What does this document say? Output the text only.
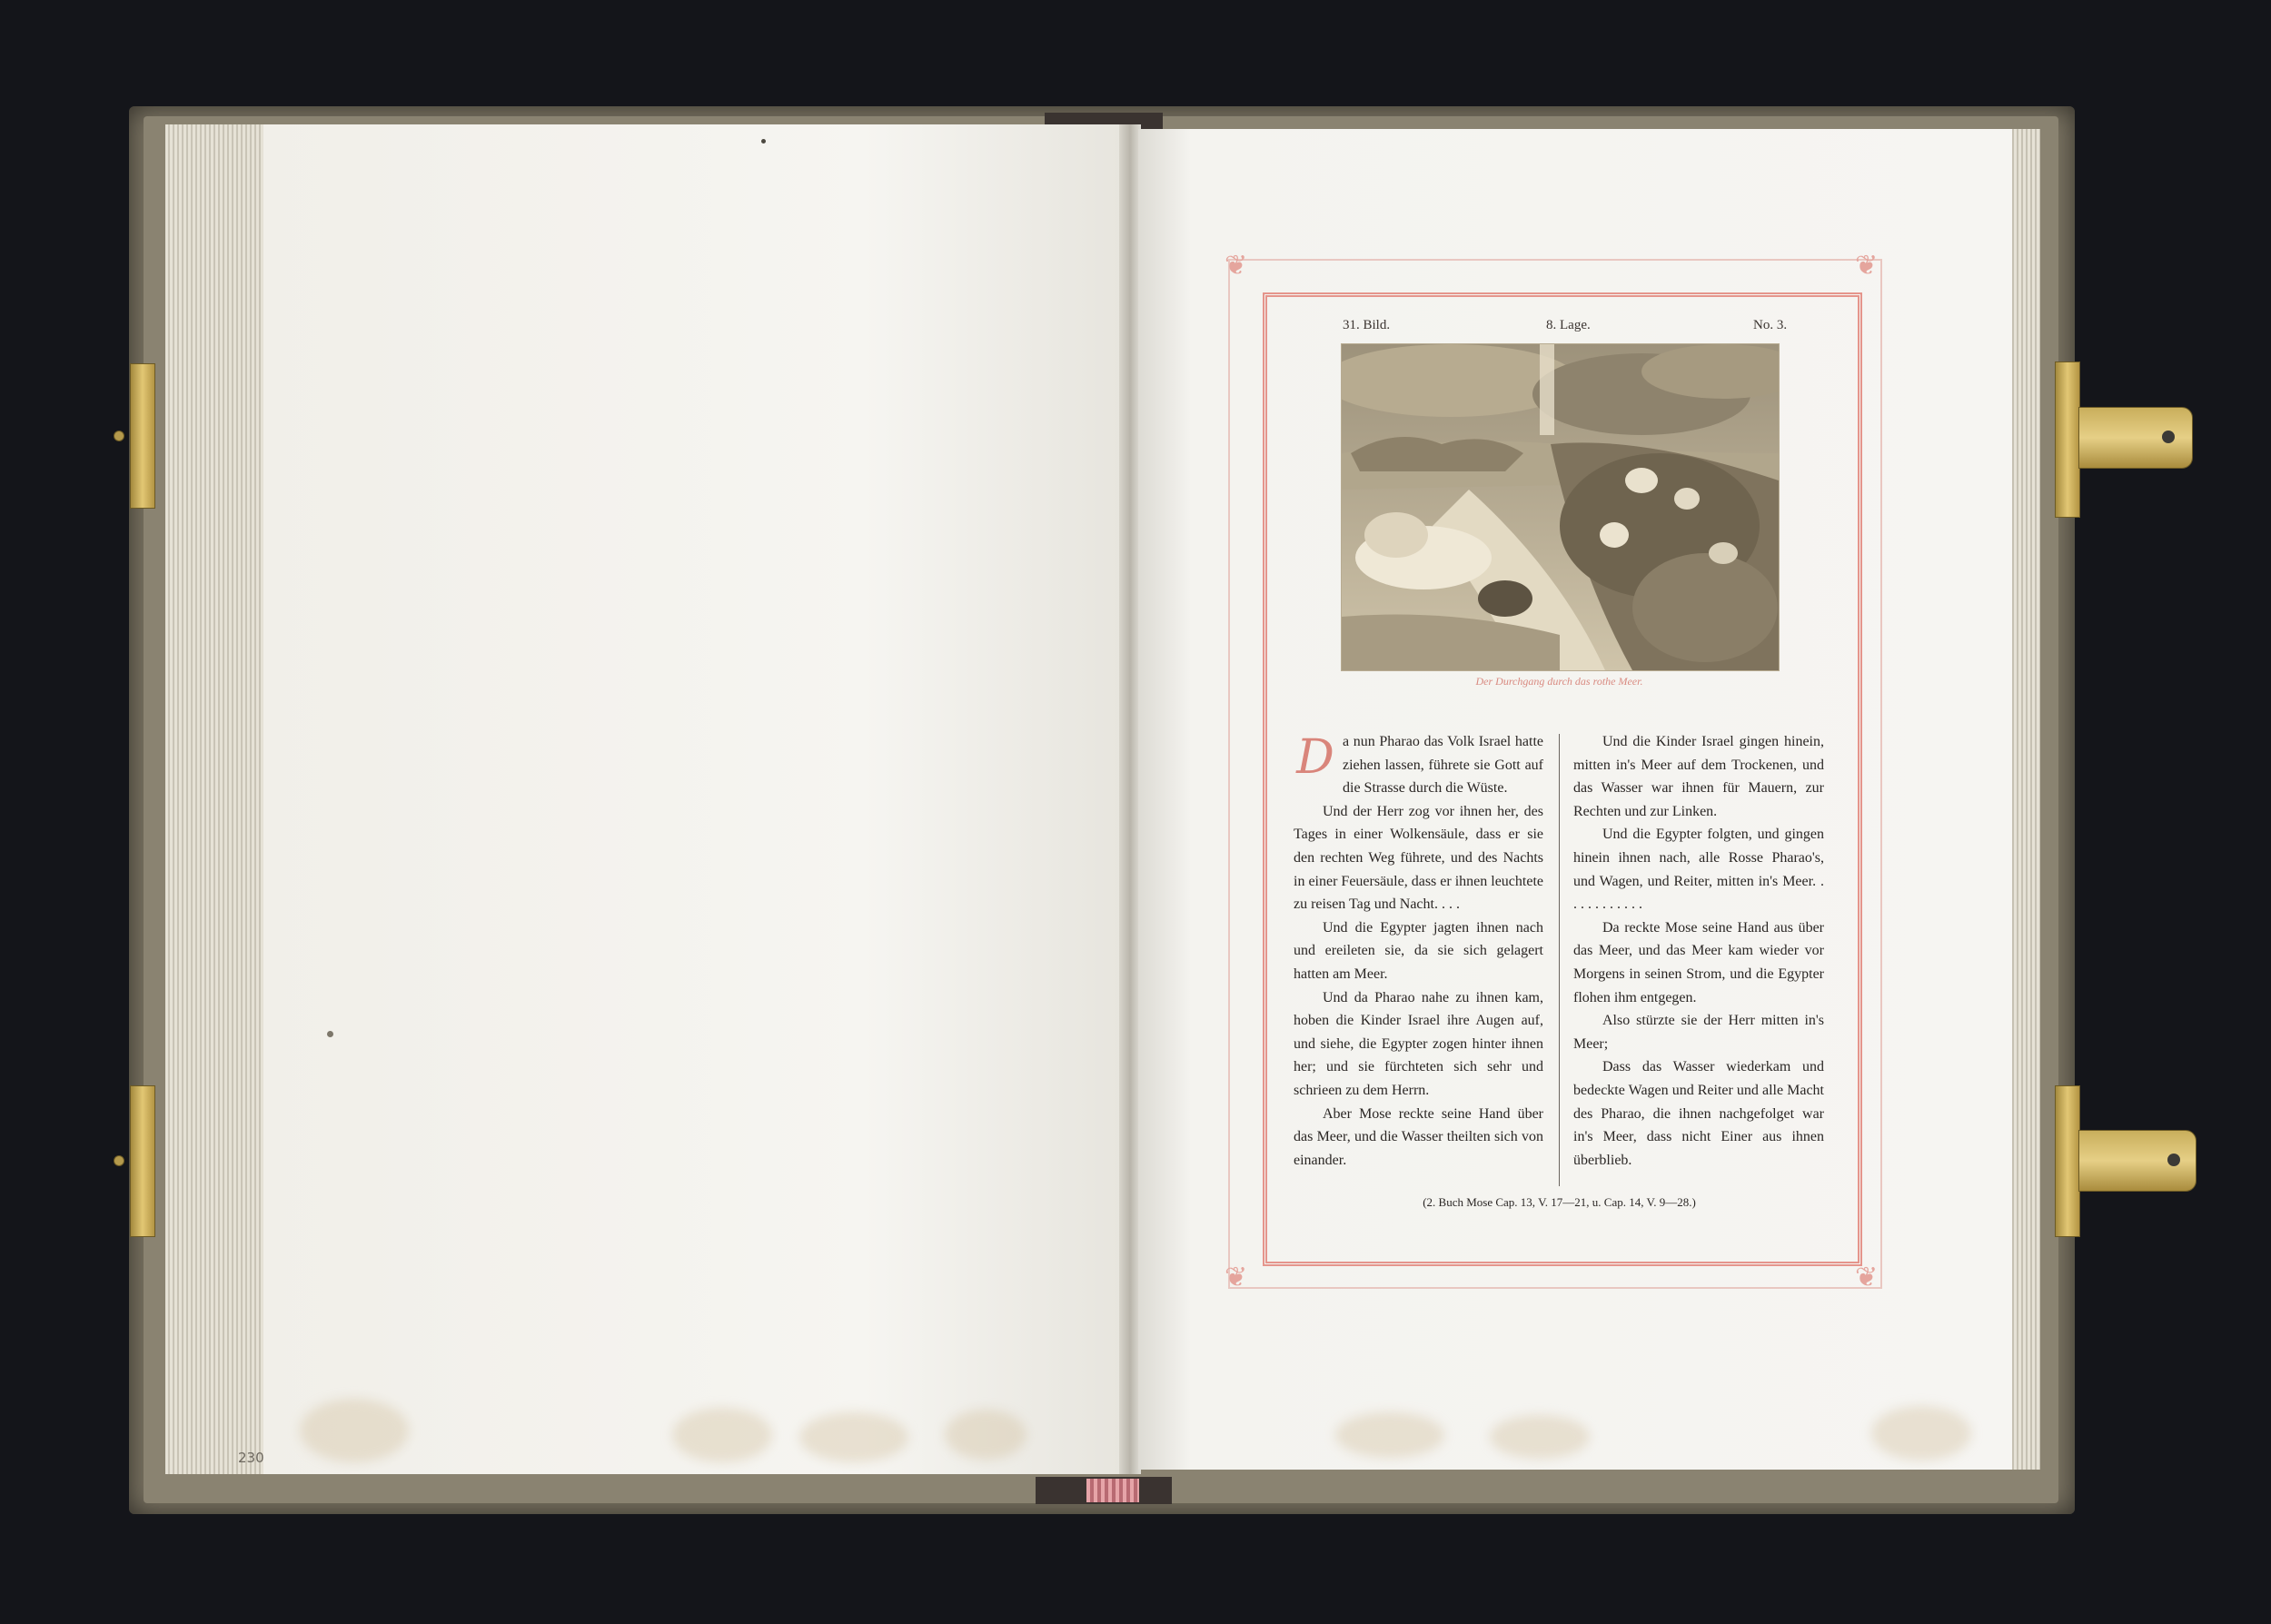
230
❦	❦
❦	❦
31. Bild.	8. Lage.	No. 3.
Der Durchgang durch das rothe Meer.

Da nun Pharao das Volk Israel hatte ziehen lassen, führete sie Gott auf die Strasse durch die Wüste.

Und der Herr zog vor ihnen her, des Tages in einer Wolkensäule, dass er sie den rechten Weg führete, und des Nachts in einer Feuersäule, dass er ihnen leuchtete zu reisen Tag und Nacht. . . .

Und die Egypter jagten ihnen nach und ereileten sie, da sie sich gelagert hatten am Meer.

Und da Pharao nahe zu ihnen kam, hoben die Kinder Israel ihre Augen auf, und siehe, die Egypter zogen hinter ihnen her; und sie fürchteten sich sehr und schrieen zu dem Herrn.

Aber Mose reckte seine Hand über das Meer, und die Wasser theilten sich von einander.

Und die Kinder Israel gingen hinein, mitten in's Meer auf dem Trockenen, und das Wasser war ihnen für Mauern, zur Rechten und zur Linken.

Und die Egypter folgten, und gingen hinein ihnen nach, alle Rosse Pharao's, und Wagen, und Reiter, mitten in's Meer. . . . . . . . . . . .

Da reckte Mose seine Hand aus über das Meer, und das Meer kam wieder vor Morgens in seinen Strom, und die Egypter flohen ihm entgegen.

Also stürzte sie der Herr mitten in's Meer;

Dass das Wasser wiederkam und bedeckte Wagen und Reiter und alle Macht des Pharao, die ihnen nachgefolget war in's Meer, dass nicht Einer aus ihnen überblieb.

(2. Buch Mose Cap. 13, V. 17—21, u. Cap. 14, V. 9—28.)
